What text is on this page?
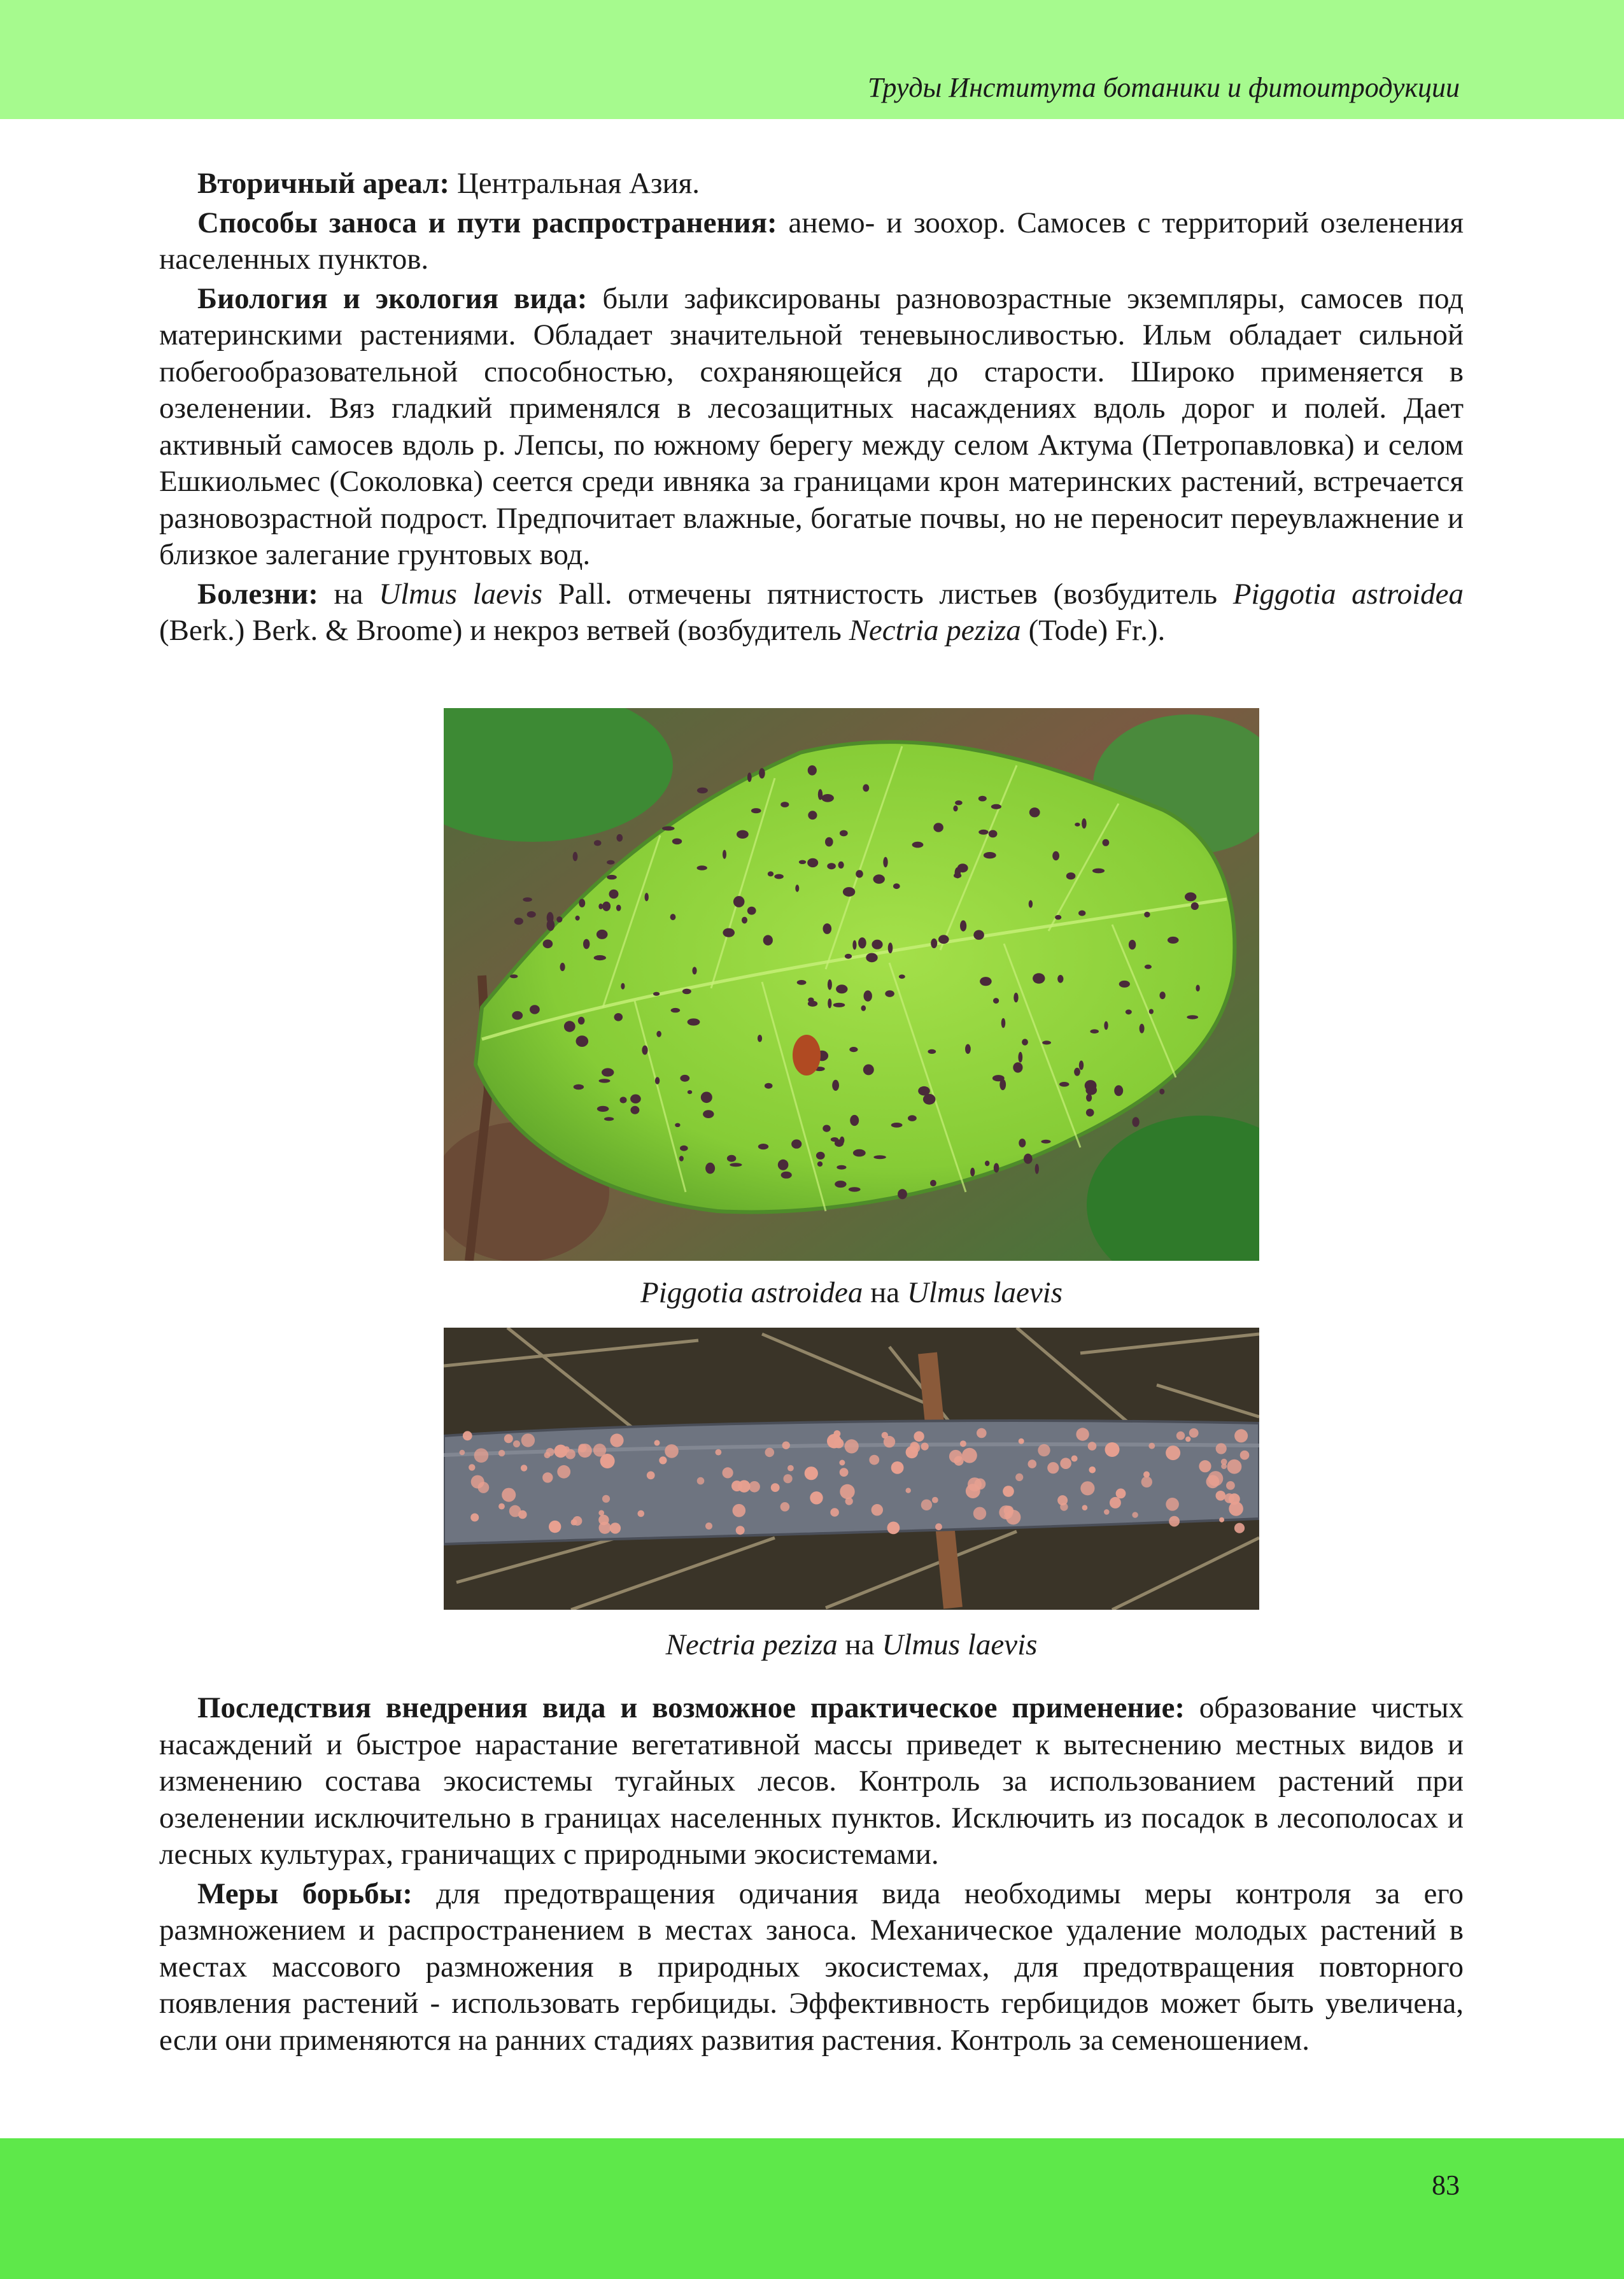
Труды Института ботаники и фитоитродукции

Вторичный ареал: Центральная Азия.

Способы заноса и пути распространения: анемо- и зоохор. Самосев с территорий озеленения населенных пунктов.

Биология и экология вида: были зафиксированы разновозрастные экземпляры, самосев под материнскими растениями. Обладает значительной теневыносливостью. Ильм обладает сильной побегообразовательной способностью, сохраняющейся до старости. Широко применяется в озеленении. Вяз гладкий применялся в лесозащитных насаждениях вдоль дорог и полей. Дает активный самосев вдоль р. Лепсы, по южному берегу между селом Актума (Петропавловка) и селом Ешкиольмес (Соколовка) сеется среди ивняка за границами крон материнских растений, встречается разновозрастной подрост. Предпочитает влажные, богатые почвы, но не переносит переувлажнение и близкое залегание грунтовых вод.

Болезни: на Ulmus laevis Pall. отмечены пятнистость листьев (возбудитель Piggotia astroidea (Berk.) Berk. & Broome) и некроз ветвей (возбудитель Nectria peziza (Tode) Fr.).

Piggotia astroidea на Ulmus laevis
Nectria peziza на Ulmus laevis

Последствия внедрения вида и возможное практическое применение: образование чистых насаждений и быстрое нарастание вегетативной массы приведет к вытеснению местных видов и изменению состава экосистемы тугайных лесов. Контроль за использованием растений при озеленении исключительно в границах населенных пунктов. Исключить из посадок в лесополосах и лесных культурах, граничащих с природными экосистемами.

Меры борьбы: для предотвращения одичания вида необходимы меры контроля за его размножением и распространением в местах заноса. Механическое удаление молодых растений в местах массового размножения в природных экосистемах, для предотвращения повторного появления растений - использовать гербициды. Эффективность гербицидов может быть увеличена, если они применяются на ранних стадиях развития растения. Контроль за семеношением.

83
